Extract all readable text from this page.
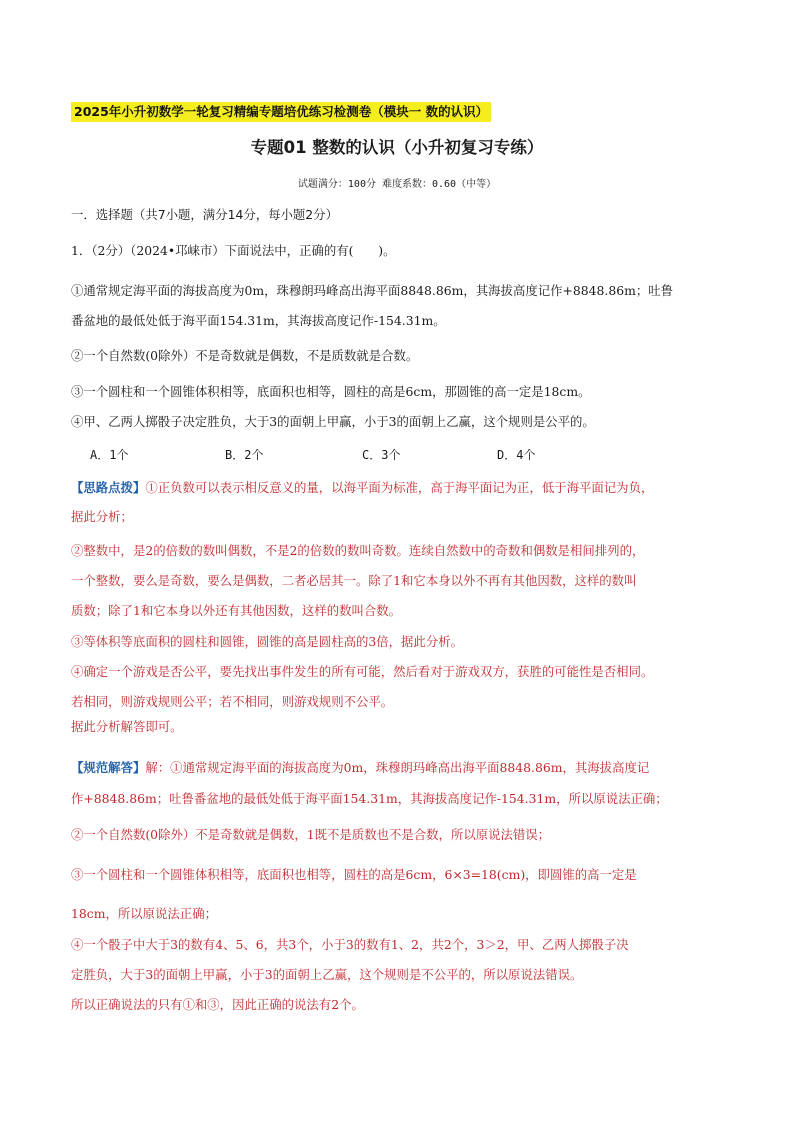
2025年小升初数学一轮复习精编专题培优练习检测卷（模块一 数的认识）
专题01 整数的认识（小升初复习专练）
试题满分：100分 难度系数：0.60（中等）
一．选择题（共7小题，满分14分，每小题2分）
1．（2分）（2024•邛崃市）下面说法中，正确的有(　　)。
①通常规定海平面的海拔高度为0m，珠穆朗玛峰高出海平面8848.86m，其海拔高度记作+8848.86m；吐鲁
番盆地的最低处低于海平面154.31m，其海拔高度记作-154.31m。
②一个自然数(0除外）不是奇数就是偶数，不是质数就是合数。
③一个圆柱和一个圆锥体积相等，底面积也相等，圆柱的高是6cm，那圆锥的高一定是18cm。
④甲、乙两人掷骰子决定胜负，大于3的面朝上甲赢，小于3的面朝上乙赢，这个规则是公平的。
A．1个	B．2个	C．3个	D．4个
【思路点拨】①正负数可以表示相反意义的量，以海平面为标准，高于海平面记为正，低于海平面记为负，
据此分析；
②整数中，是2的倍数的数叫偶数，不是2的倍数的数叫奇数。连续自然数中的奇数和偶数是相间排列的，
一个整数，要么是奇数，要么是偶数，二者必居其一。除了1和它本身以外不再有其他因数，这样的数叫
质数；除了1和它本身以外还有其他因数，这样的数叫合数。
③等体积等底面积的圆柱和圆锥，圆锥的高是圆柱高的3倍，据此分析。
④确定一个游戏是否公平，要先找出事件发生的所有可能，然后看对于游戏双方，获胜的可能性是否相同。
若相同，则游戏规则公平；若不相同，则游戏规则不公平。
据此分析解答即可。
【规范解答】解：①通常规定海平面的海拔高度为0m，珠穆朗玛峰高出海平面8848.86m，其海拔高度记
作+8848.86m；吐鲁番盆地的最低处低于海平面154.31m，其海拔高度记作-154.31m，所以原说法正确；
②一个自然数(0除外）不是奇数就是偶数，1既不是质数也不是合数，所以原说法错误；
③一个圆柱和一个圆锥体积相等，底面积也相等，圆柱的高是6cm，6×3=18(cm)，即圆锥的高一定是
18cm，所以原说法正确；
④一个骰子中大于3的数有4、5、6，共3个，小于3的数有1、2，共2个，3＞2，甲、乙两人掷骰子决
定胜负，大于3的面朝上甲赢，小于3的面朝上乙赢，这个规则是不公平的，所以原说法错误。
所以正确说法的只有①和③，因此正确的说法有2个。
